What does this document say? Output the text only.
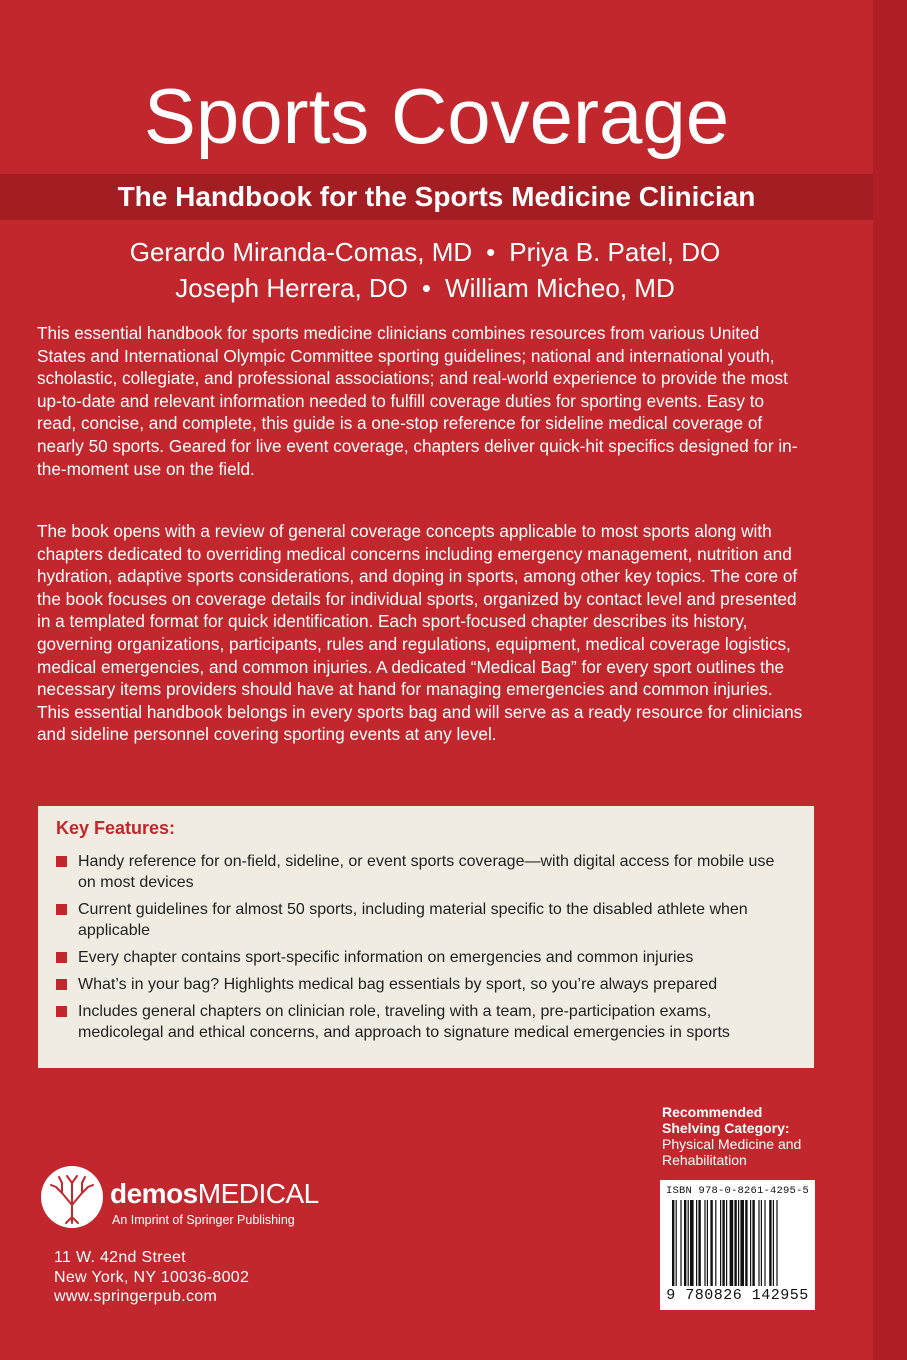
Sports Coverage
The Handbook for the Sports Medicine Clinician
Gerardo Miranda-Comas, MD • Priya B. Patel, DO
Joseph Herrera, DO • William Micheo, MD

This essential handbook for sports medicine clinicians combines resources from various United States and International Olympic Committee sporting guidelines; national and international youth, scholastic, collegiate, and professional associations; and real-world experience to provide the most up-to-date and relevant information needed to fulfill coverage duties for sporting events. Easy to read, concise, and complete, this guide is a one-stop reference for sideline medical coverage of nearly 50 sports. Geared for live event coverage, chapters deliver quick-hit specifics designed for in-the-moment use on the field.

The book opens with a review of general coverage concepts applicable to most sports along with chapters dedicated to overriding medical concerns including emergency management, nutrition and hydration, adaptive sports considerations, and doping in sports, among other key topics. The core of the book focuses on coverage details for individual sports, organized by contact level and presented in a templated format for quick identification. Each sport-focused chapter describes its history, governing organizations, participants, rules and regulations, equipment, medical coverage logistics, medical emergencies, and common injuries. A dedicated “Medical Bag” for every sport outlines the necessary items providers should have at hand for managing emergencies and common injuries. This essential handbook belongs in every sports bag and will serve as a ready resource for clinicians and sideline personnel covering sporting events at any level.

Key Features:
Handy reference for on-field, sideline, or event sports coverage—with digital access for mobile use on most devices
Current guidelines for almost 50 sports, including material specific to the disabled athlete when applicable
Every chapter contains sport-specific information on emergencies and common injuries
What’s in your bag? Highlights medical bag essentials by sport, so you’re always prepared
Includes general chapters on clinician role, traveling with a team, pre-participation exams, medicolegal and ethical concerns, and approach to signature medical emergencies in sports
Recommended
Shelving Category:
Physical Medicine and
Rehabilitation
demosMEDICAL
An Imprint of Springer Publishing
11 W. 42nd Street
New York, NY 10036-8002
www.springerpub.com
ISBN 978-0-8261-4295-5
9 780826 142955
